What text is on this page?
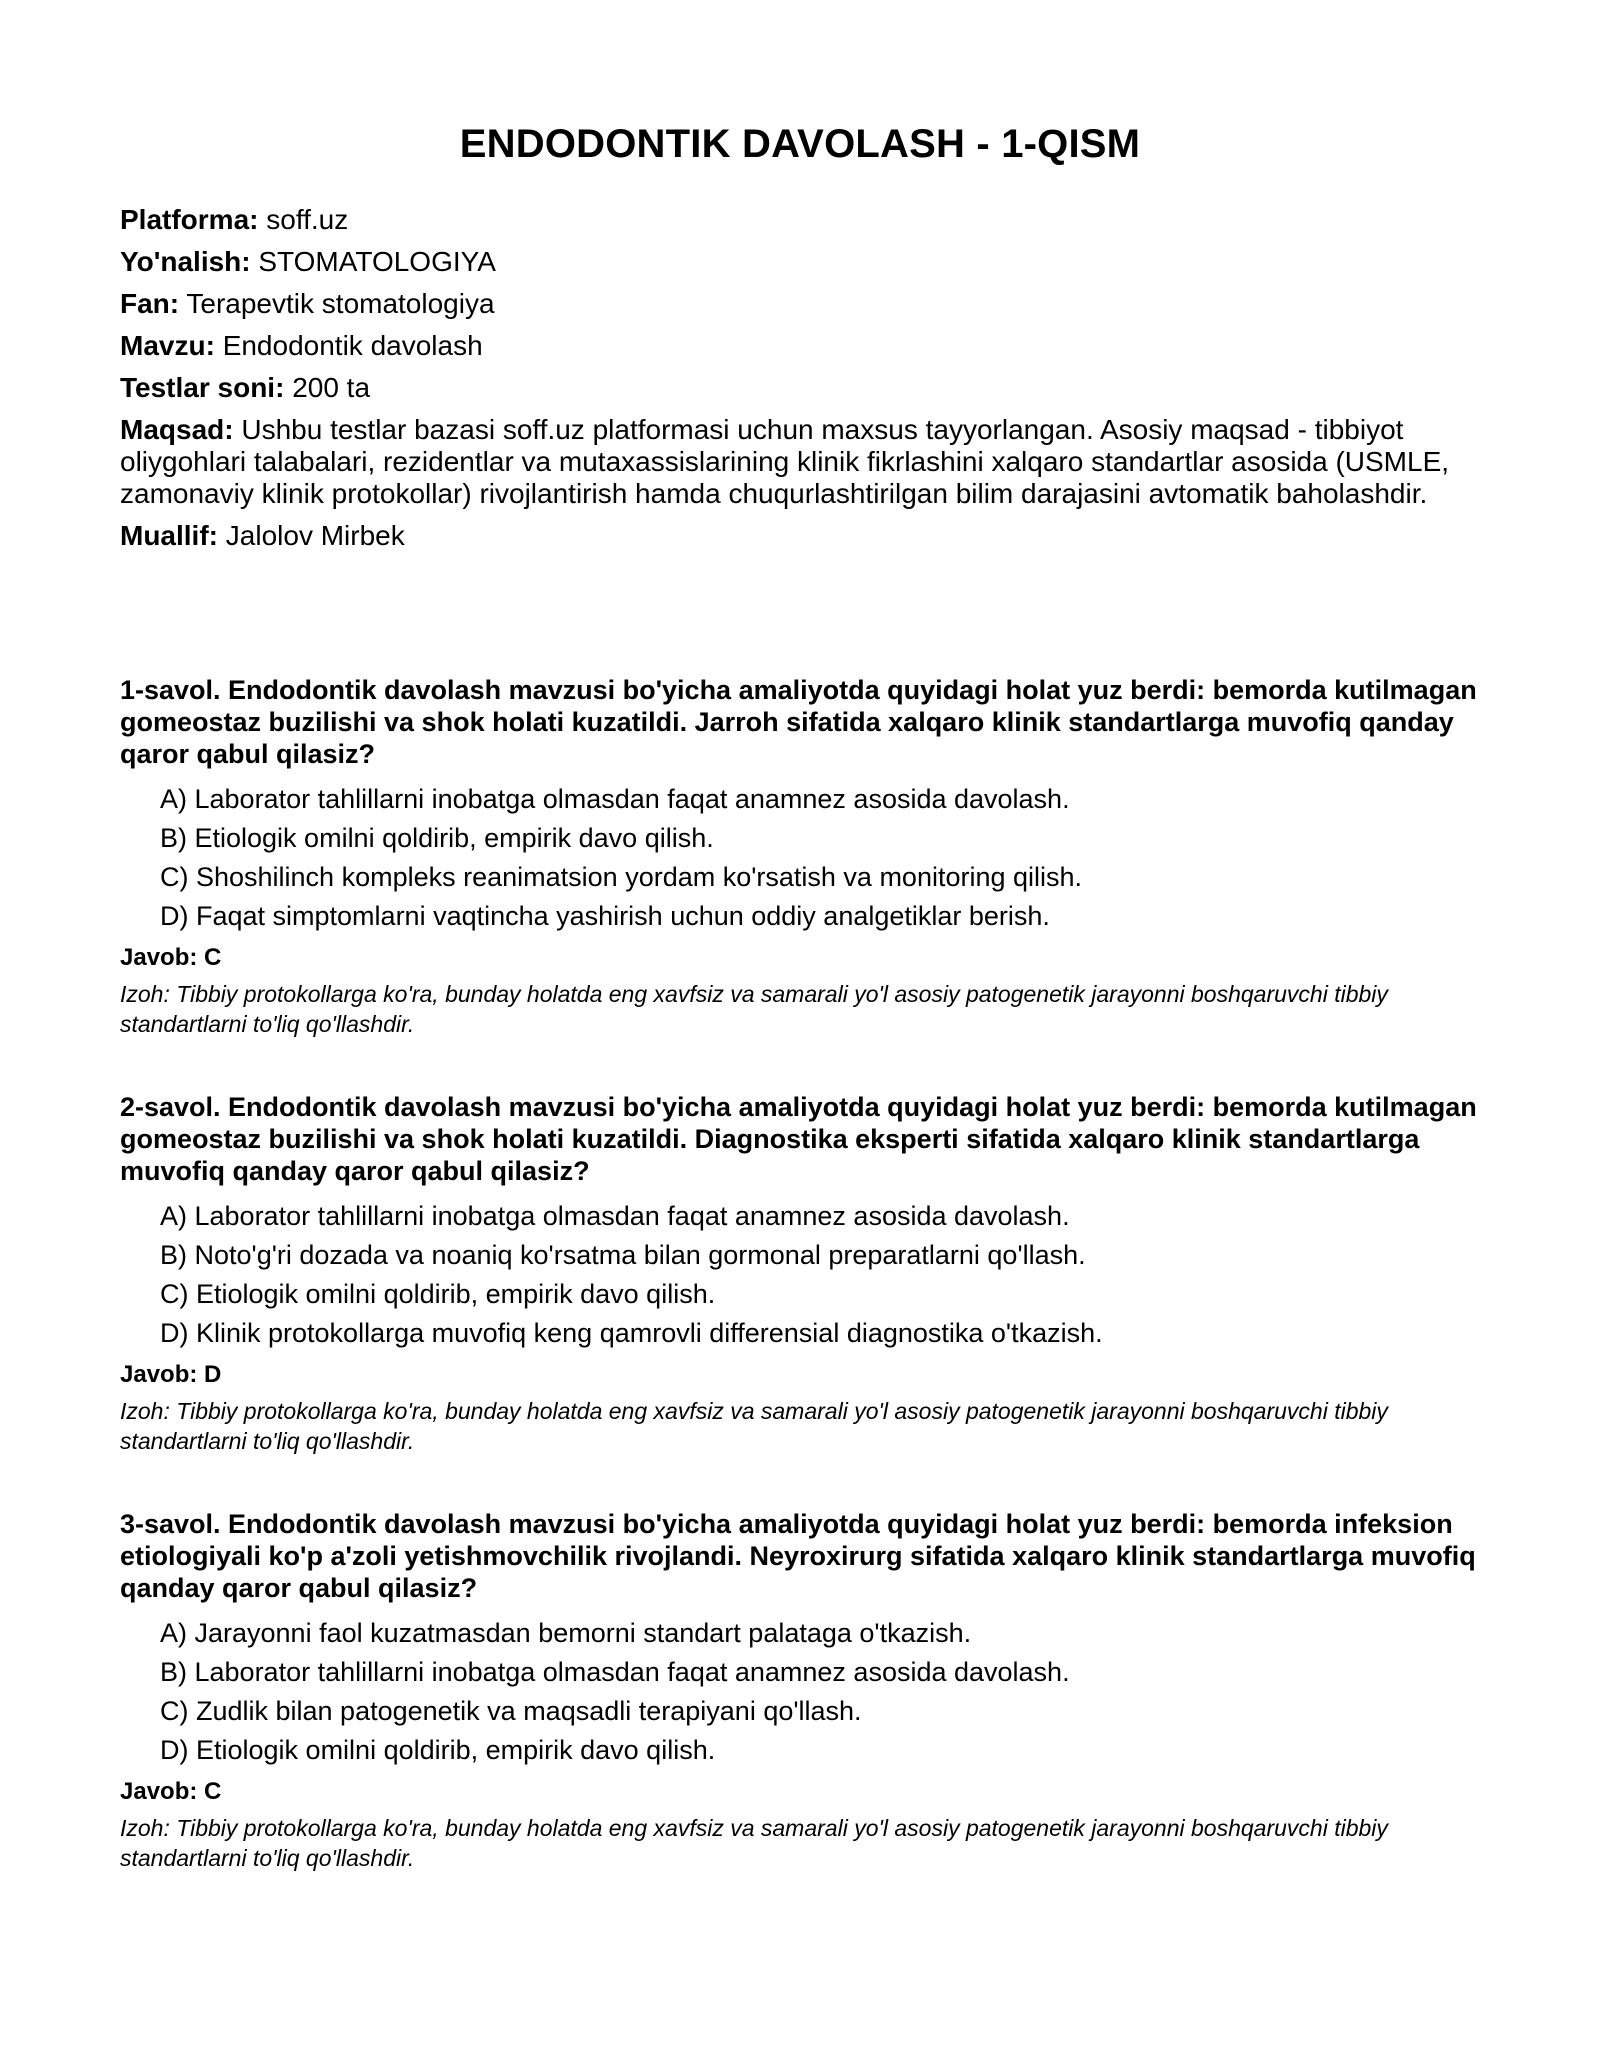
ENDODONTIK DAVOLASH - 1-QISM
Platforma: soff.uz
Yo'nalish: STOMATOLOGIYA
Fan: Terapevtik stomatologiya
Mavzu: Endodontik davolash
Testlar soni: 200 ta
Maqsad: Ushbu testlar bazasi soff.uz platformasi uchun maxsus tayyorlangan. Asosiy maqsad - tibbiyot oliygohlari talabalari, rezidentlar va mutaxassislarining klinik fikrlashini xalqaro standartlar asosida (USMLE, zamonaviy klinik protokollar) rivojlantirish hamda chuqurlashtirilgan bilim darajasini avtomatik baholashdir.
Muallif: Jalolov Mirbek
1-savol. Endodontik davolash mavzusi bo'yicha amaliyotda quyidagi holat yuz berdi: bemorda kutilmagan gomeostaz buzilishi va shok holati kuzatildi. Jarroh sifatida xalqaro klinik standartlarga muvofiq qanday qaror qabul qilasiz?
A) Laborator tahlillarni inobatga olmasdan faqat anamnez asosida davolash.
B) Etiologik omilni qoldirib, empirik davo qilish.
C) Shoshilinch kompleks reanimatsion yordam ko'rsatish va monitoring qilish.
D) Faqat simptomlarni vaqtincha yashirish uchun oddiy analgetiklar berish.
Javob: C
Izoh: Tibbiy protokollarga ko'ra, bunday holatda eng xavfsiz va samarali yo'l asosiy patogenetik jarayonni boshqaruvchi tibbiy standartlarni to'liq qo'llashdir.
2-savol. Endodontik davolash mavzusi bo'yicha amaliyotda quyidagi holat yuz berdi: bemorda kutilmagan gomeostaz buzilishi va shok holati kuzatildi. Diagnostika eksperti sifatida xalqaro klinik standartlarga muvofiq qanday qaror qabul qilasiz?
A) Laborator tahlillarni inobatga olmasdan faqat anamnez asosida davolash.
B) Noto'g'ri dozada va noaniq ko'rsatma bilan gormonal preparatlarni qo'llash.
C) Etiologik omilni qoldirib, empirik davo qilish.
D) Klinik protokollarga muvofiq keng qamrovli differensial diagnostika o'tkazish.
Javob: D
Izoh: Tibbiy protokollarga ko'ra, bunday holatda eng xavfsiz va samarali yo'l asosiy patogenetik jarayonni boshqaruvchi tibbiy standartlarni to'liq qo'llashdir.
3-savol. Endodontik davolash mavzusi bo'yicha amaliyotda quyidagi holat yuz berdi: bemorda infeksion etiologiyali ko'p a'zoli yetishmovchilik rivojlandi. Neyroxirurg sifatida xalqaro klinik standartlarga muvofiq qanday qaror qabul qilasiz?
A) Jarayonni faol kuzatmasdan bemorni standart palataga o'tkazish.
B) Laborator tahlillarni inobatga olmasdan faqat anamnez asosida davolash.
C) Zudlik bilan patogenetik va maqsadli terapiyani qo'llash.
D) Etiologik omilni qoldirib, empirik davo qilish.
Javob: C
Izoh: Tibbiy protokollarga ko'ra, bunday holatda eng xavfsiz va samarali yo'l asosiy patogenetik jarayonni boshqaruvchi tibbiy standartlarni to'liq qo'llashdir.
